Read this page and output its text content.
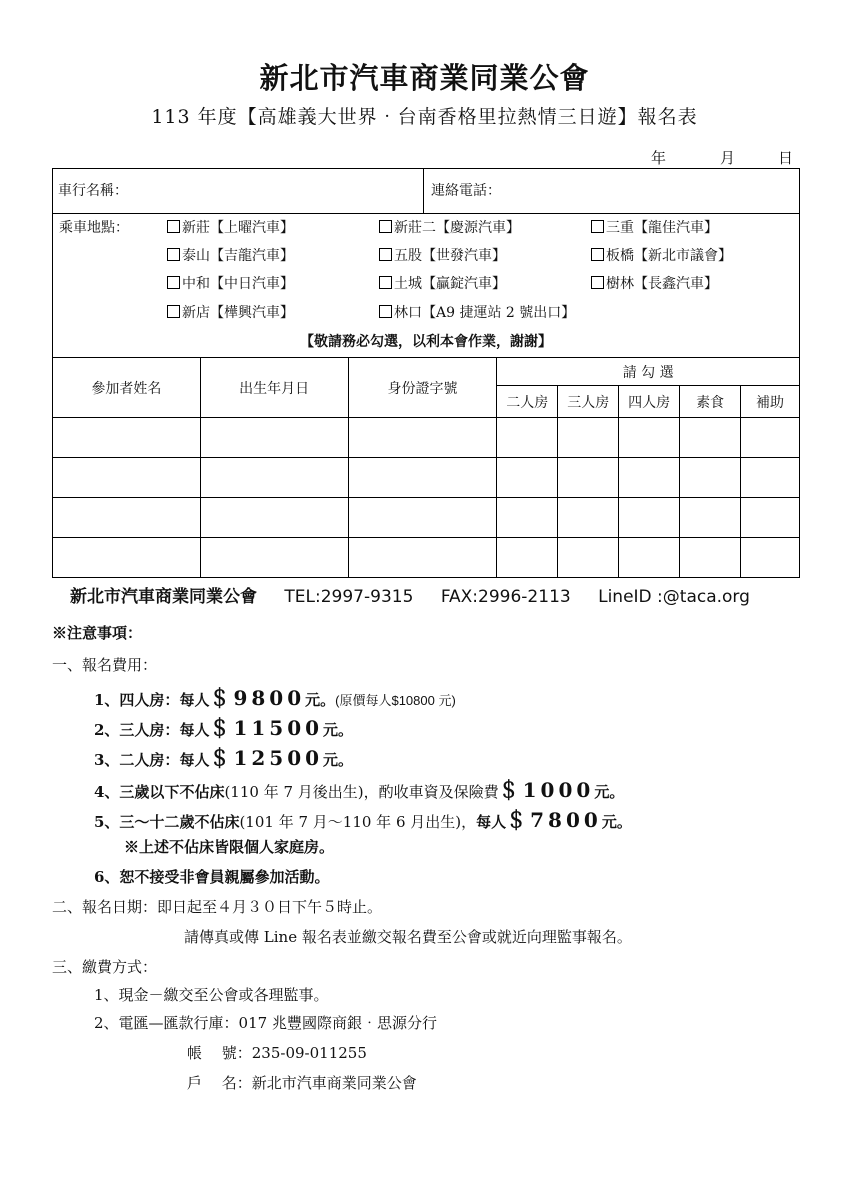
新北市汽車商業同業公會
113 年度【高雄義大世界‧台南香格里拉熱情三日遊】報名表
年	月	日
車行名稱：	連絡電話：
乘車地點：	新莊【上曜汽車】	新莊二【慶源汽車】	三重【龍佳汽車】
泰山【吉龍汽車】	五股【世發汽車】	板橋【新北市議會】
中和【中日汽車】	土城【贏錠汽車】	樹林【長鑫汽車】
新店【樺興汽車】	林口【A9 捷運站 2 號出口】
【敬請務必勾選，以利本會作業，謝謝】
參加者姓名	出生年月日	身份證字號	請 勾 選				
			二人房	三人房	四人房	素食	補助

新北市汽車商業同業公會 TEL:2997-9315 FAX:2996-2113 LineID :@taca.org
※注意事項：
一、報名費用：
1、四人房：每人＄9800元。(原價每人$10800 元)
2、三人房：每人＄11500元。
3、二人房：每人＄12500元。
4、三歲以下不佔床(110 年 7 月後出生)，酌收車資及保險費＄1000元。
5、三～十二歲不佔床(101 年 7 月～110 年 6 月出生)，每人＄7800元。
※上述不佔床皆限個人家庭房。
6、恕不接受非會員親屬參加活動。
二、報名日期：即日起至４月３０日下午５時止。
請傳真或傳 Line 報名表並繳交報名費至公會或就近向理監事報名。
三、繳費方式：
1、現金－繳交至公會或各理監事。
2、電匯—匯款行庫：017 兆豐國際商銀‧思源分行
帳　 號：235-09-011255
戶　 名：新北市汽車商業同業公會
